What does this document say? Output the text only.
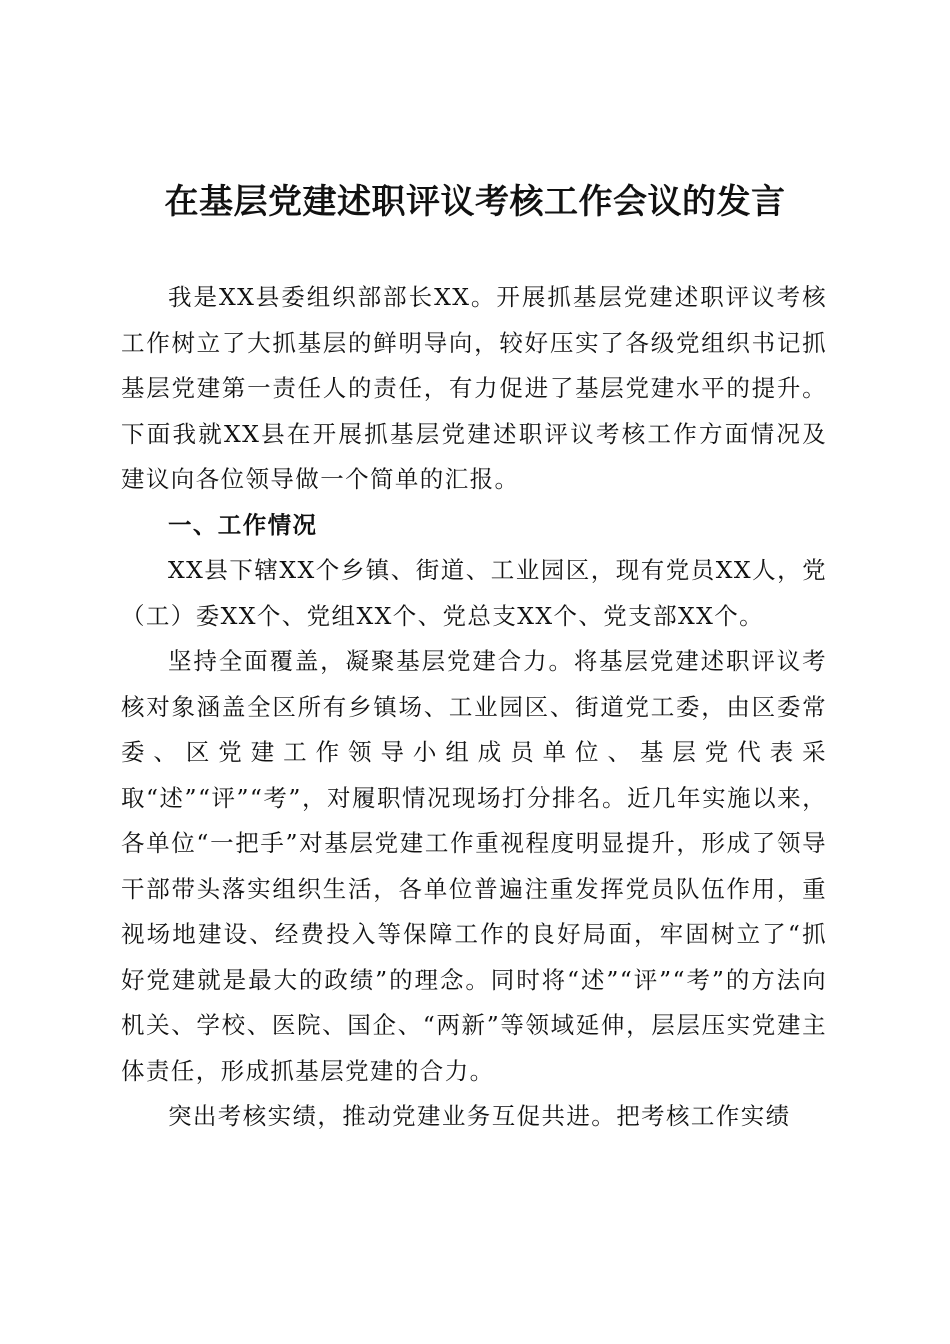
在基层党建述职评议考核工作会议的发言

我是XX县委组织部部长XX。开展抓基层党建述职评议考核工作树立了大抓基层的鲜明导向，较好压实了各级党组织书记抓基层党建第一责任人的责任，有力促进了基层党建水平的提升。下面我就XX县在开展抓基层党建述职评议考核工作方面情况及建议向各位领导做一个简单的汇报。

一、工作情况

XX县下辖XX个乡镇、街道、工业园区，现有党员XX人，党（工）委XX个、党组XX个、党总支XX个、党支部XX个。

坚持全面覆盖，凝聚基层党建合力。将基层党建述职评议考核对象涵盖全区所有乡镇场、工业园区、街道党工委，由区委常委、区党建工作领导小组成员单位、基层党代表采取“述”“评”“考”，对履职情况现场打分排名。近几年实施以来，各单位“一把手”对基层党建工作重视程度明显提升，形成了领导干部带头落实组织生活，各单位普遍注重发挥党员队伍作用，重视场地建设、经费投入等保障工作的良好局面，牢固树立了“抓好党建就是最大的政绩”的理念。同时将“述”“评”“考”的方法向机关、学校、医院、国企、“两新”等领域延伸，层层压实党建主体责任，形成抓基层党建的合力。

突出考核实绩，推动党建业务互促共进。把考核工作实绩
